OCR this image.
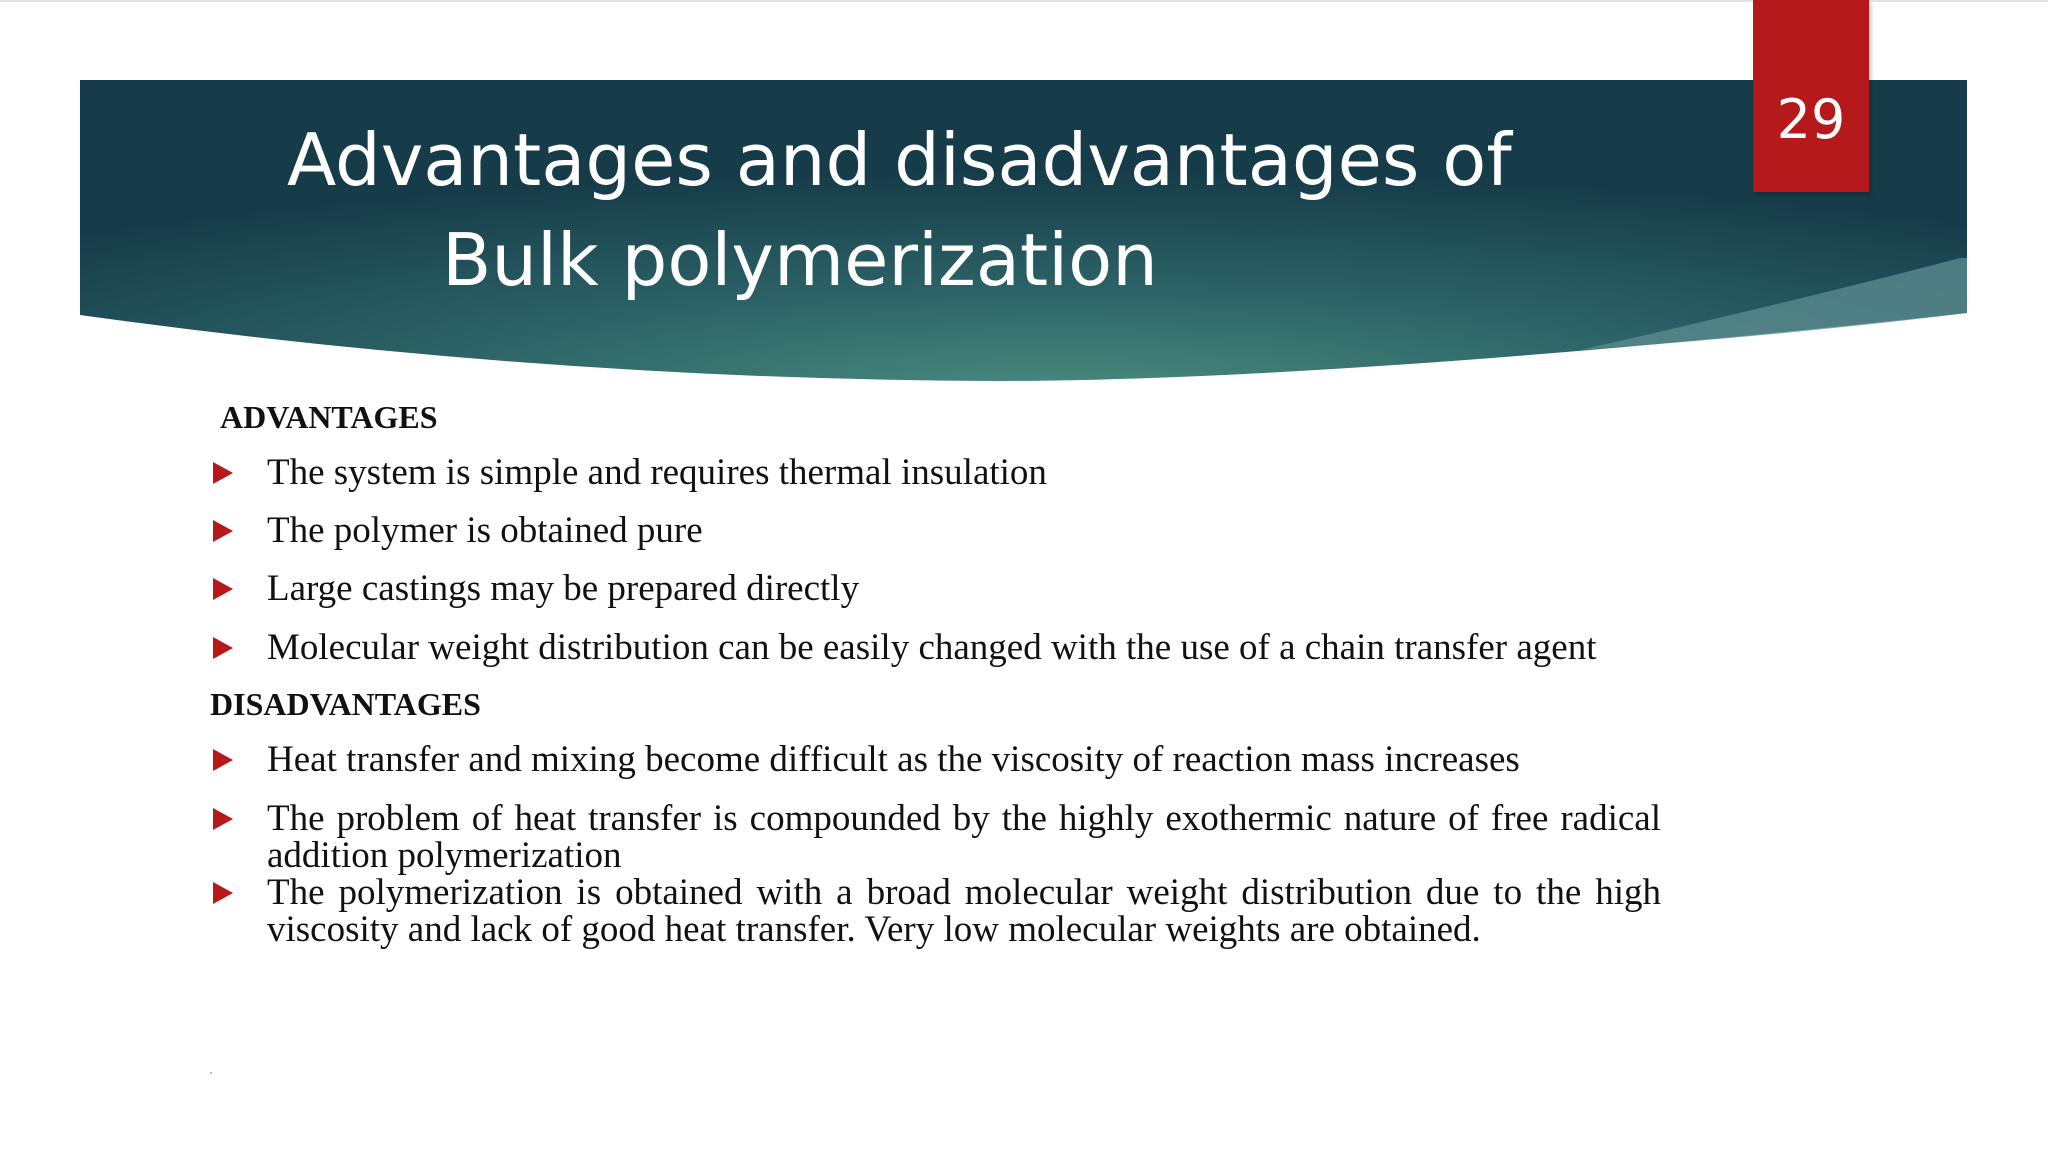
Advantages and disadvantages of
Bulk polymerization
29
ADVANTAGES
The system is simple and requires thermal insulation
The polymer is obtained pure
Large castings may be prepared directly
Molecular weight distribution can be easily changed with the use of a chain transfer agent
DISADVANTAGES
Heat transfer and mixing become difficult as the viscosity of reaction mass increases
The problem of heat transfer is compounded by the highly exothermic nature of free radical addition polymerization
The polymerization is obtained with a broad molecular weight distribution due to the high viscosity and lack of good heat transfer. Very low molecular weights are obtained.
